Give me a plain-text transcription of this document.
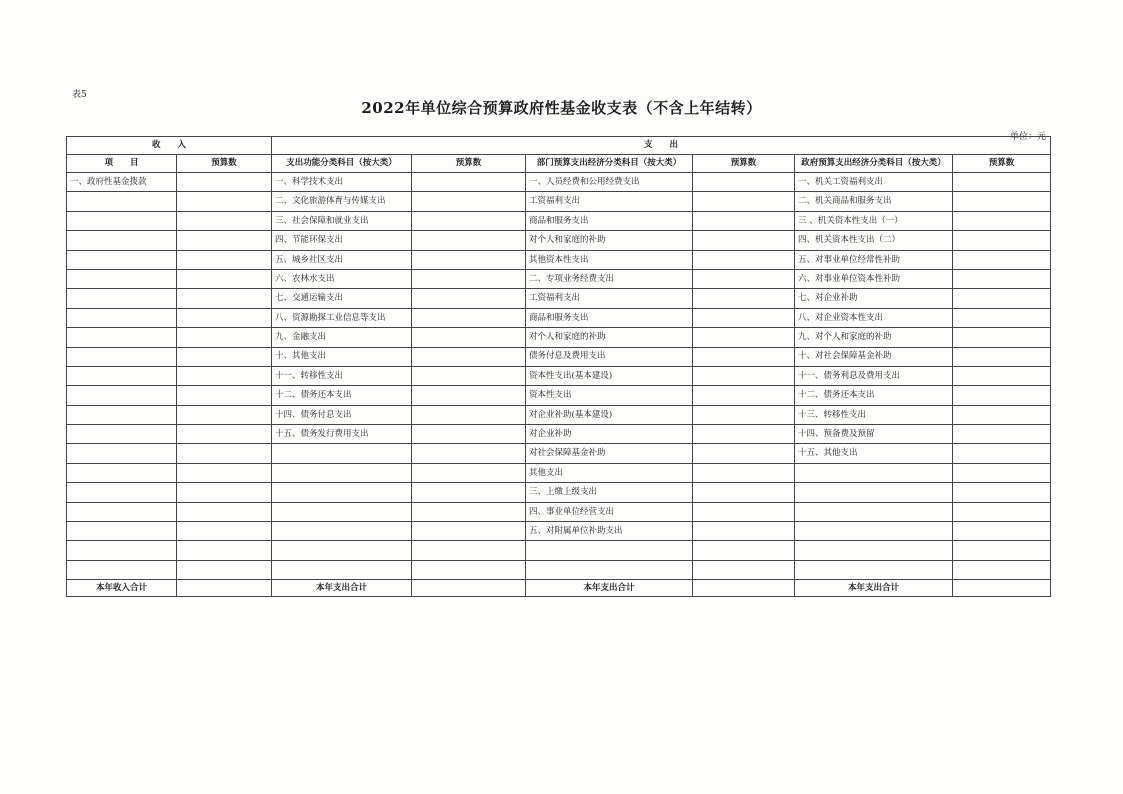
表5
2022年单位综合预算政府性基金收支表（不含上年结转）
单位：元
收　　入		支　　出					
项　　目	预算数	支出功能分类科目（按大类）	预算数	部门预算支出经济分类科目（按大类）	预算数	政府预算支出经济分类科目（按大类）	预算数
一、政府性基金拨款		一、科学技术支出		一、人员经费和公用经费支出		一、机关工资福利支出	
		二、文化旅游体育与传媒支出		工资福利支出		二、机关商品和服务支出	
		三、社会保障和就业支出		商品和服务支出		三 、机关资本性支出（一）	
		四、节能环保支出		对个人和家庭的补助		四、机关资本性支出（二）	
		五、城乡社区支出		其他资本性支出		五、对事业单位经常性补助	
		六、农林水支出		二、专项业务经费支出		六、对事业单位资本性补助	
		七、交通运输支出		工资福利支出		七、对企业补助	
		八、资源勘探工业信息等支出		商品和服务支出		八、对企业资本性支出	
		九、金融支出		对个人和家庭的补助		九、对个人和家庭的补助	
		十、其他支出		债务付息及费用支出		十、对社会保障基金补助	
		十一、转移性支出		资本性支出(基本建设)		十一、债务利息及费用支出	
		十二、债务还本支出		资本性支出		十二、债务还本支出	
		十四、债务付息支出		对企业补助(基本建设)		十三、转移性支出	
		十五、债务发行费用支出		对企业补助		十四、预备费及预留	
				对社会保障基金补助		十五、其他支出	
				其他支出			
				三、上缴上级支出			
				四、事业单位经营支出			
				五、对附属单位补助支出			

本年收入合计		本年支出合计		本年支出合计		本年支出合计	
